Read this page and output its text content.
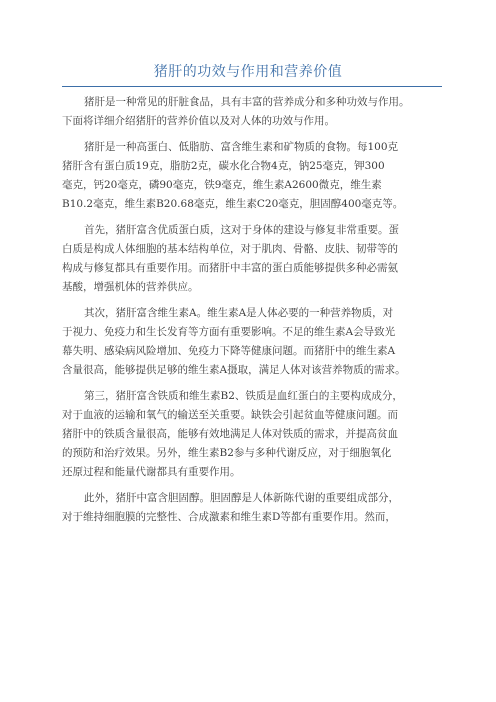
猪肝的功效与作用和营养价值

猪肝是一种常见的肝脏食品，具有丰富的营养成分和多种功效与作用。
下面将详细介绍猪肝的营养价值以及对人体的功效与作用。

猪肝是一种高蛋白、低脂肪、富含维生素和矿物质的食物。每100克
猪肝含有蛋白质19克，脂肪2克，碳水化合物4克，钠25毫克，钾300
毫克，钙20毫克，磷90毫克，铁9毫克，维生素A2600微克，维生素
B10.2毫克，维生素B20.68毫克，维生素C20毫克，胆固醇400毫克等。

首先，猪肝富含优质蛋白质，这对于身体的建设与修复非常重要。蛋
白质是构成人体细胞的基本结构单位，对于肌肉、骨骼、皮肤、韧带等的
构成与修复都具有重要作用。而猪肝中丰富的蛋白质能够提供多种必需氨
基酸，增强机体的营养供应。

其次，猪肝富含维生素A。维生素A是人体必要的一种营养物质，对
于视力、免疫力和生长发育等方面有重要影响。不足的维生素A会导致光
幕失明、感染病风险增加、免疫力下降等健康问题。而猪肝中的维生素A
含量很高，能够提供足够的维生素A摄取，满足人体对该营养物质的需求。

第三，猪肝富含铁质和维生素B2、铁质是血红蛋白的主要构成成分，
对于血液的运输和氧气的输送至关重要。缺铁会引起贫血等健康问题。而
猪肝中的铁质含量很高，能够有效地满足人体对铁质的需求，并提高贫血
的预防和治疗效果。另外，维生素B2参与多种代谢反应，对于细胞氧化
还原过程和能量代谢都具有重要作用。

此外，猪肝中富含胆固醇。胆固醇是人体新陈代谢的重要组成部分，
对于维持细胞膜的完整性、合成激素和维生素D等都有重要作用。然而，
